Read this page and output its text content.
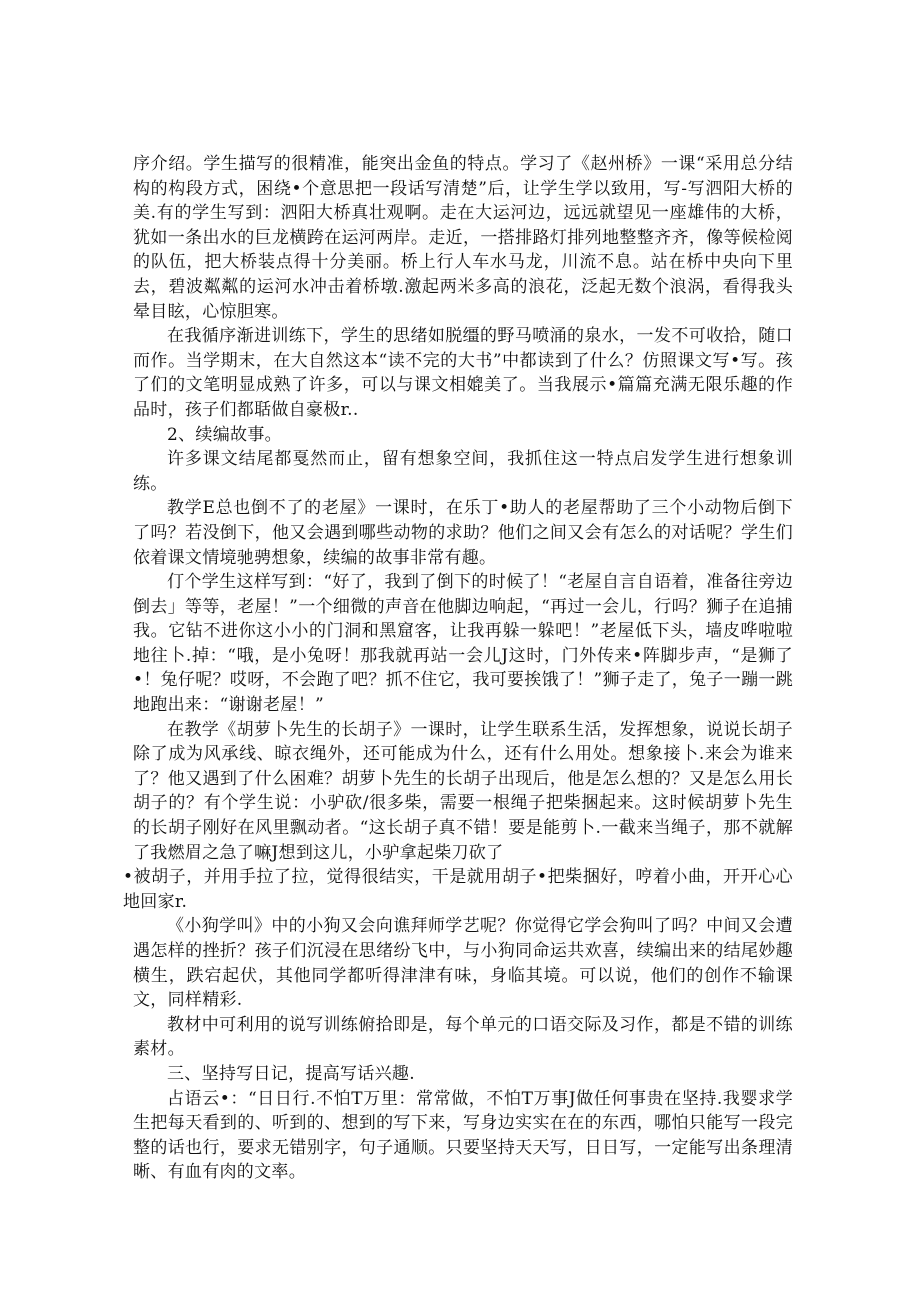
序介绍。学生描写的很精准，能突出金鱼的特点。学习了《赵州桥》一课“采用总分结构的构段方式，困绕•个意思把一段话写清楚”后，让学生学以致用，写-写泗阳大桥的美.有的学生写到：泗阳大桥真壮观啊。走在大运河边，远远就望见一座雄伟的大桥，犹如一条出水的巨龙横跨在运河两岸。走近，一搭排路灯排列地整整齐齐，像等候检阅的队伍，把大桥装点得十分美丽。桥上行人车水马龙，川流不息。站在桥中央向下里去，碧波粼粼的运河水冲击着桥墩.激起两米多高的浪花，泛起无数个浪涡，看得我头晕目眩，心惊胆寒。

在我循序渐进训练下，学生的思绪如脱缰的野马喷涌的泉水，一发不可收拾，随口而作。当学期末，在大自然这本“读不完的大书”中都读到了什么？仿照课文写•写。孩了们的文笔明显成熟了许多，可以与课文相媲美了。当我展示•篇篇充满无限乐趣的作品时，孩子们都聒做自豪极r..

2、续编故事。

许多课文结尾都戛然而止，留有想象空间，我抓住这一特点启发学生进行想象训练。

教学E总也倒不了的老屋》一课时，在乐丁•助人的老屋帮助了三个小动物后倒下了吗？若没倒下，他又会遇到哪些动物的求助？他们之间又会有怎么的对话呢？学生们依着课文情境驰骋想象，续编的故事非常有趣。

仃个学生这样写到：“好了，我到了倒下的时候了！“老屋自言自语着，准备往旁边倒去」等等，老屋！”一个细微的声音在他脚边响起，“再过一会儿，行吗？狮子在追捕我。它钻不进你这小小的门洞和黑窟客，让我再躲一躲吧！”老屋低下头，墙皮哗啦啦地往卜.掉：“哦，是小兔呀！那我就再站一会儿J这时，门外传来•阵脚步声，“是狮了•！兔仔呢？哎呀，不会跑了吧？抓不住它，我可要挨饿了！”狮子走了，兔子一蹦一跳地跑出来：“谢谢老屋！”

在教学《胡萝卜先生的长胡子》一课时，让学生联系生活，发挥想象，说说长胡子除了成为风承线、晾衣绳外，还可能成为什么，还有什么用处。想象接卜.来会为谁来了？他又遇到了什么困难？胡萝卜先生的长胡子出现后，他是怎么想的？又是怎么用长胡子的？有个学生说：小驴砍/很多柴，需要一根绳子把柴捆起来。这时候胡萝卜先生的长胡子刚好在风里飘动者。“这长胡子真不错！要是能剪卜.一截来当绳子，那不就解了我燃眉之急了嘛J想到这儿，小驴拿起柴刀砍了

•被胡子，并用手拉了拉，觉得很结实，干是就用胡子•把柴捆好，哼着小曲，开开心心地回家r.

《小狗学叫》中的小狗又会向谯拜师学艺呢？你觉得它学会狗叫了吗？中间又会遭遇怎样的挫折？孩子们沉浸在思绪纷飞中，与小狗同命运共欢喜，续编出来的结尾妙趣横生，跌宕起伏，其他同学都听得津津有味，身临其境。可以说，他们的创作不输课文，同样精彩.

教材中可利用的说写训练俯拾即是，每个单元的口语交际及习作，都是不错的训练素材。

三、坚持写日记，提高写话兴趣.

占语云•：“日日行.不怕T万里：常常做，不怕T万事J做任何事贵在坚持.我婴求学生把每天看到的、听到的、想到的写下来，写身边实实在在的东西，哪怕只能写一段完整的话也行，要求无错别字，句子通顺。只要坚持天天写，日日写，一定能写出条理清晰、有血有肉的文率。
